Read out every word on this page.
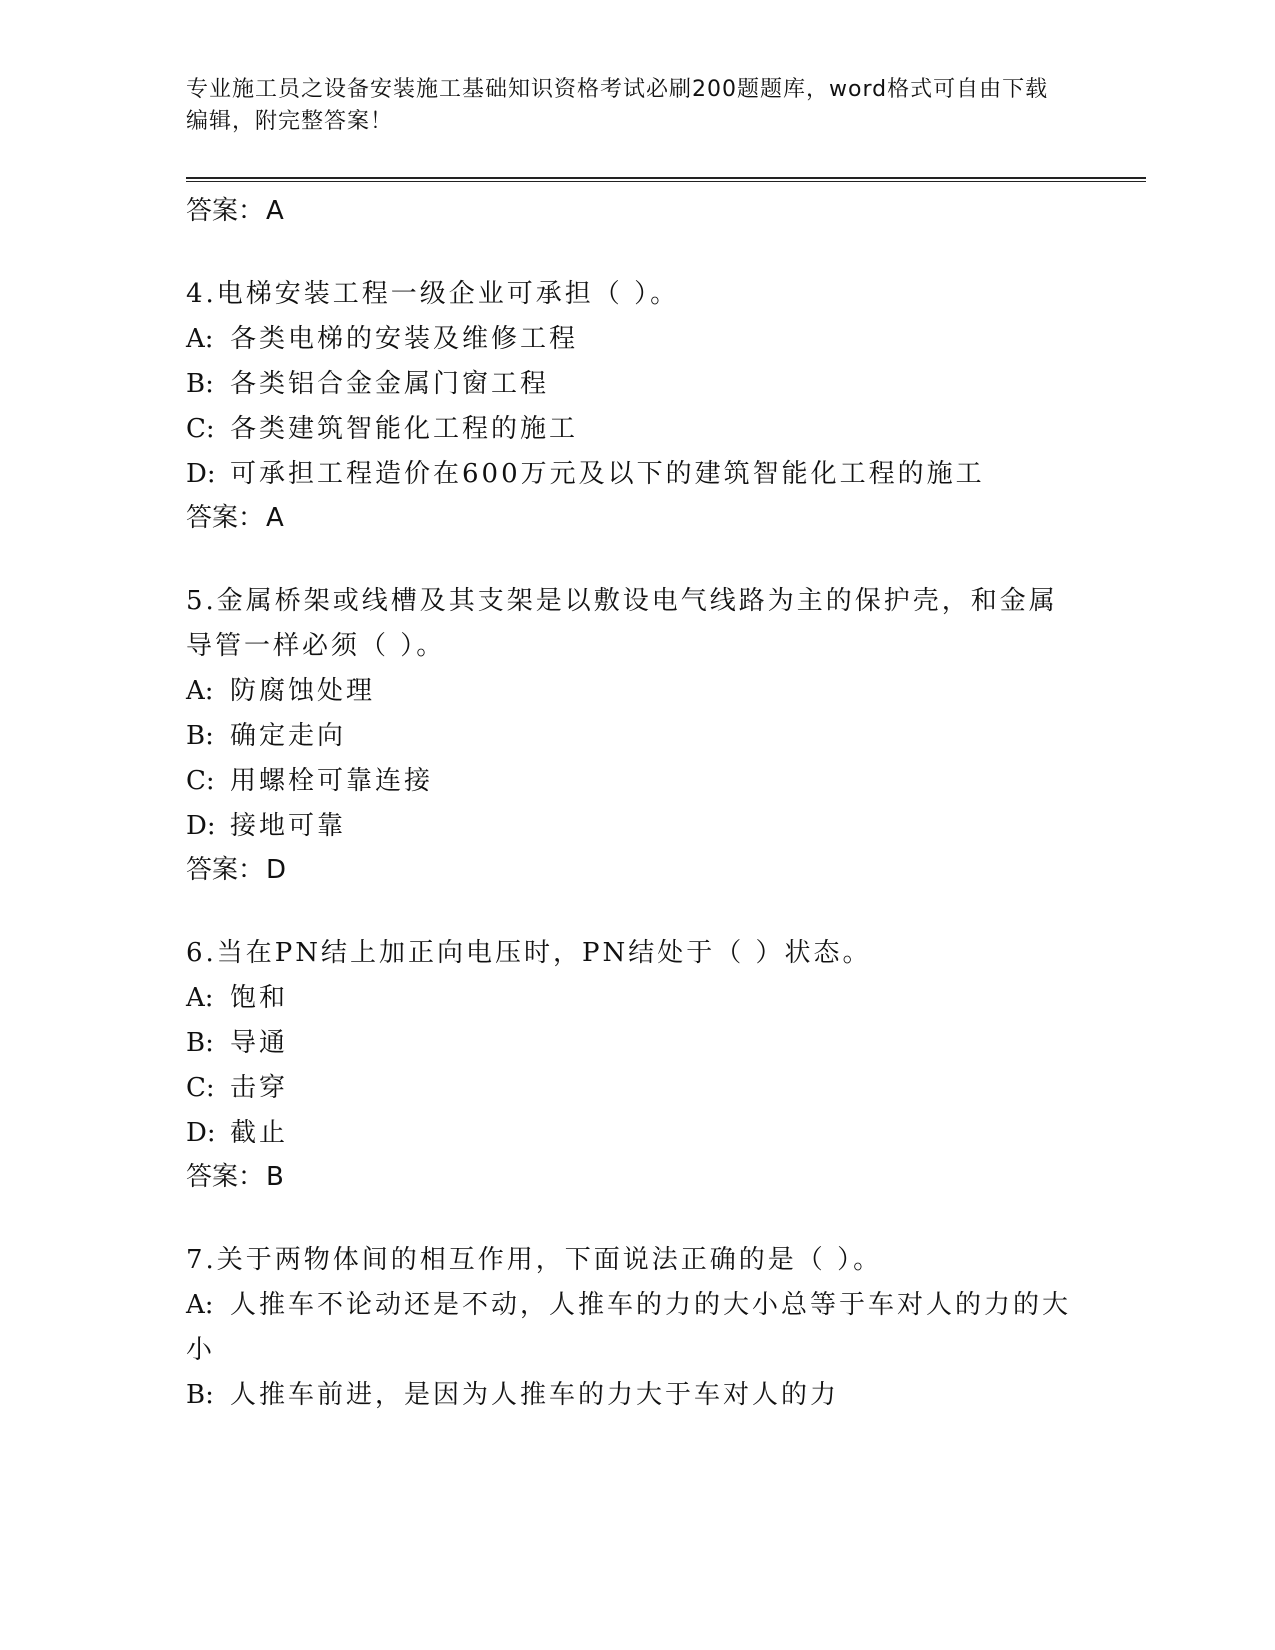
专业施工员之设备安装施工基础知识资格考试必刷200题题库，word格式可自由下载编辑，附完整答案！
答案：A
4.电梯安装工程一级企业可承担（ ）。
A: 各类电梯的安装及维修工程
B: 各类铝合金金属门窗工程
C: 各类建筑智能化工程的施工
D: 可承担工程造价在600万元及以下的建筑智能化工程的施工
答案：A
5.金属桥架或线槽及其支架是以敷设电气线路为主的保护壳，和金属导管一样必须（ ）。
A: 防腐蚀处理
B: 确定走向
C: 用螺栓可靠连接
D: 接地可靠
答案：D
6.当在PN结上加正向电压时，PN结处于（ ）状态。
A: 饱和
B: 导通
C: 击穿
D: 截止
答案：B
7.关于两物体间的相互作用，下面说法正确的是（ ）。
A: 人推车不论动还是不动，人推车的力的大小总等于车对人的力的大小
B: 人推车前进，是因为人推车的力大于车对人的力
